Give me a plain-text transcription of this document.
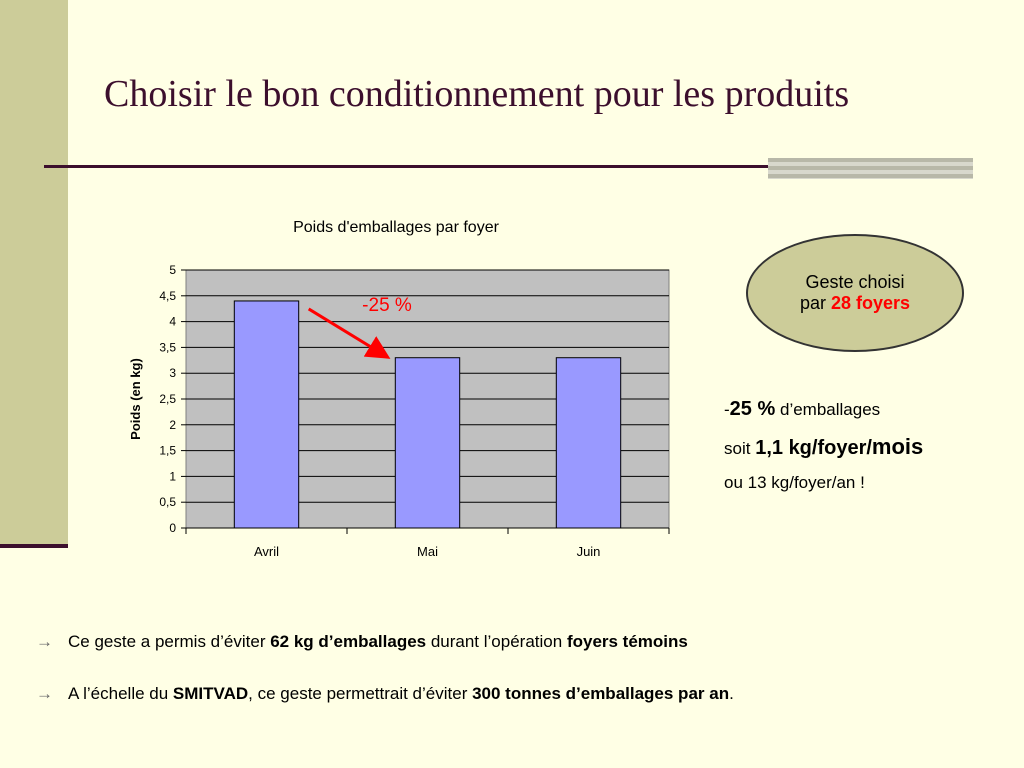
Choisir le bon conditionnement pour les produits
Poids d'emballages par foyer
0
0,5
1
1,5
2
2,5
3
3,5
4
4,5
5
Poids (en kg)
Avril	Mai	Juin
-25 %
Geste choisi
par 28 foyers
-25 % d’emballages
soit 1,1 kg/foyer/mois
ou 13 kg/foyer/an !
→ Ce geste a permis d’éviter 62 kg d’emballages durant l’opération foyers témoins
→ A l’échelle du SMITVAD, ce geste permettrait d’éviter 300 tonnes d’emballages par an.
